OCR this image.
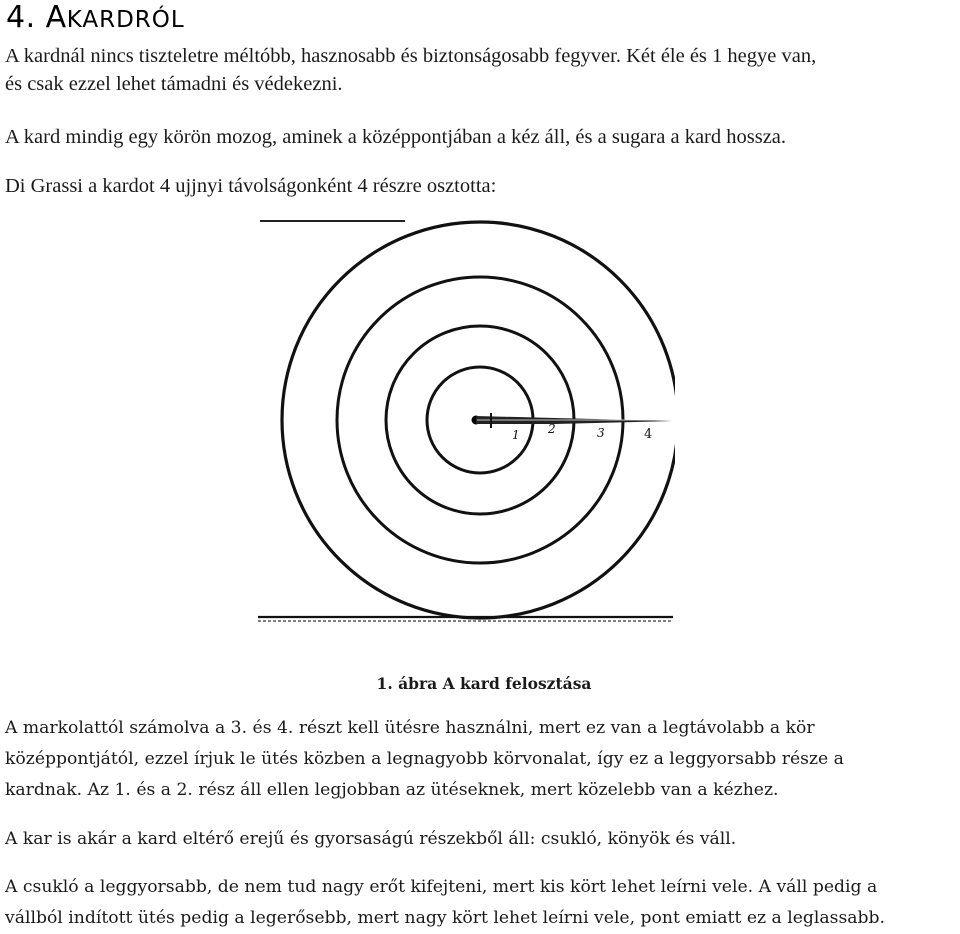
4. AKARDRÓL

A kardnál nincs tiszteletre méltóbb, hasznosabb és biztonságosabb fegyver. Két éle és 1 hegye van,
és csak ezzel lehet támadni és védekezni.

A kard mindig egy körön mozog, aminek a középpontjában a kéz áll, és a sugara a kard hossza.

Di Grassi a kardot 4 ujjnyi távolságonként 4 részre osztotta:

1 2	3	4

1. ábra A kard felosztása

A markolattól számolva a 3. és 4. részt kell ütésre használni, mert ez van a legtávolabb a kör
középpontjától, ezzel írjuk le ütés közben a legnagyobb körvonalat, így ez a leggyorsabb része a
kardnak. Az 1. és a 2. rész áll ellen legjobban az ütéseknek, mert közelebb van a kézhez.

A kar is akár a kard eltérő erejű és gyorsaságú részekből áll: csukló, könyök és váll.

A csukló a leggyorsabb, de nem tud nagy erőt kifejteni, mert kis kört lehet leírni vele. A váll pedig a
vállból indított ütés pedig a legerősebb, mert nagy kört lehet leírni vele, pont emiatt ez a leglassabb.
